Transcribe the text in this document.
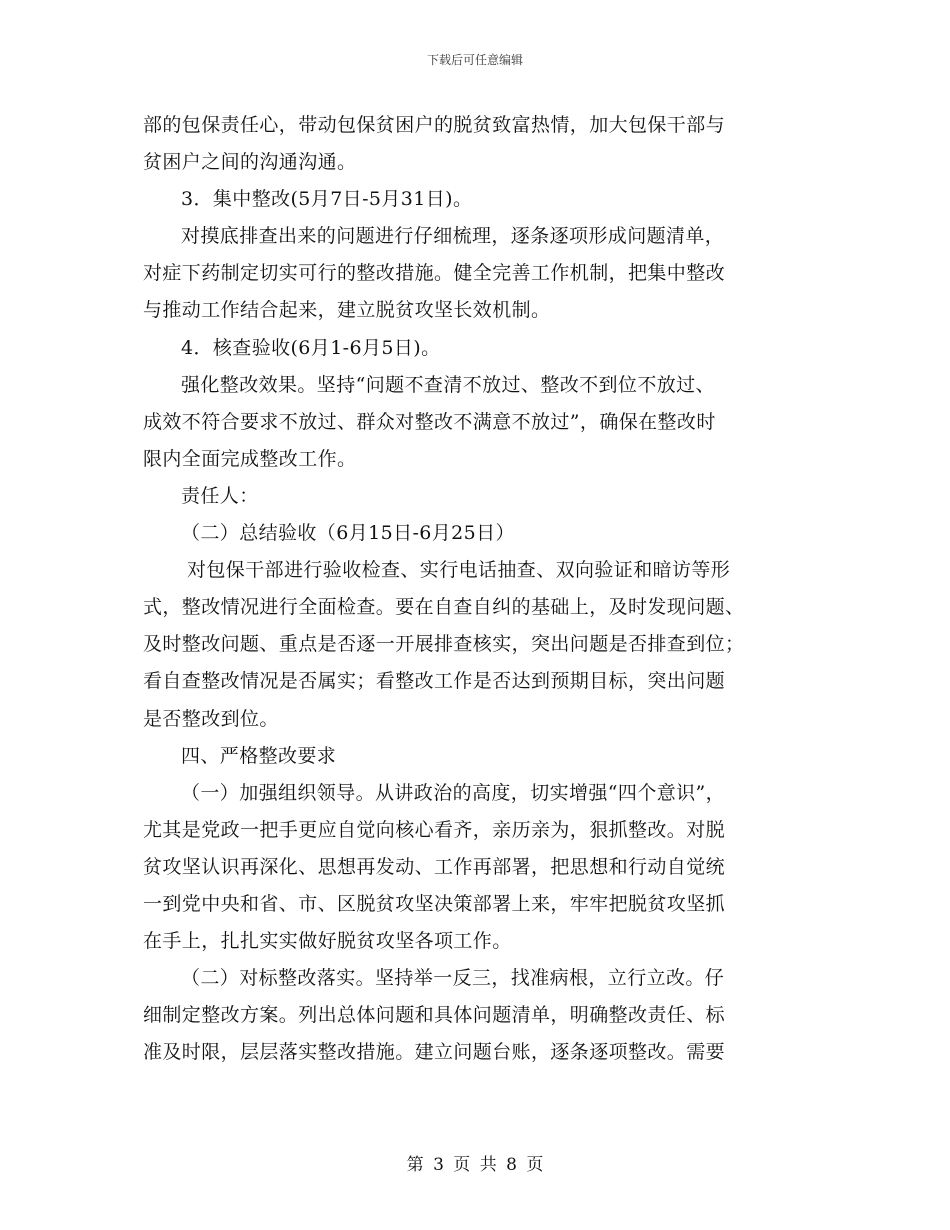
下载后可任意编辑
部的包保责任心，带动包保贫困户的脱贫致富热情，加大包保干部与
贫困户之间的沟通沟通。
3．集中整改(5月7日-5月31日)。
对摸底排查出来的问题进行仔细梳理，逐条逐项形成问题清单，
对症下药制定切实可行的整改措施。健全完善工作机制，把集中整改
与推动工作结合起来，建立脱贫攻坚长效机制。
4．核查验收(6月1-6月5日)。
强化整改效果。坚持“问题不查清不放过、整改不到位不放过、
成效不符合要求不放过、群众对整改不满意不放过”，确保在整改时
限内全面完成整改工作。
责任人：
（二）总结验收（6月15日-6月25日）
对包保干部进行验收检查、实行电话抽查、双向验证和暗访等形
式，整改情况进行全面检查。要在自查自纠的基础上，及时发现问题、
及时整改问题、重点是否逐一开展排查核实，突出问题是否排查到位；
看自查整改情况是否属实；看整改工作是否达到预期目标，突出问题
是否整改到位。
四、严格整改要求
（一）加强组织领导。从讲政治的高度，切实增强“四个意识”，
尤其是党政一把手更应自觉向核心看齐，亲历亲为，狠抓整改。对脱
贫攻坚认识再深化、思想再发动、工作再部署，把思想和行动自觉统
一到党中央和省、市、区脱贫攻坚决策部署上来，牢牢把脱贫攻坚抓
在手上，扎扎实实做好脱贫攻坚各项工作。
（二）对标整改落实。坚持举一反三，找准病根，立行立改。仔
细制定整改方案。列出总体问题和具体问题清单，明确整改责任、标
准及时限，层层落实整改措施。建立问题台账，逐条逐项整改。需要
第 3 页 共 8 页
